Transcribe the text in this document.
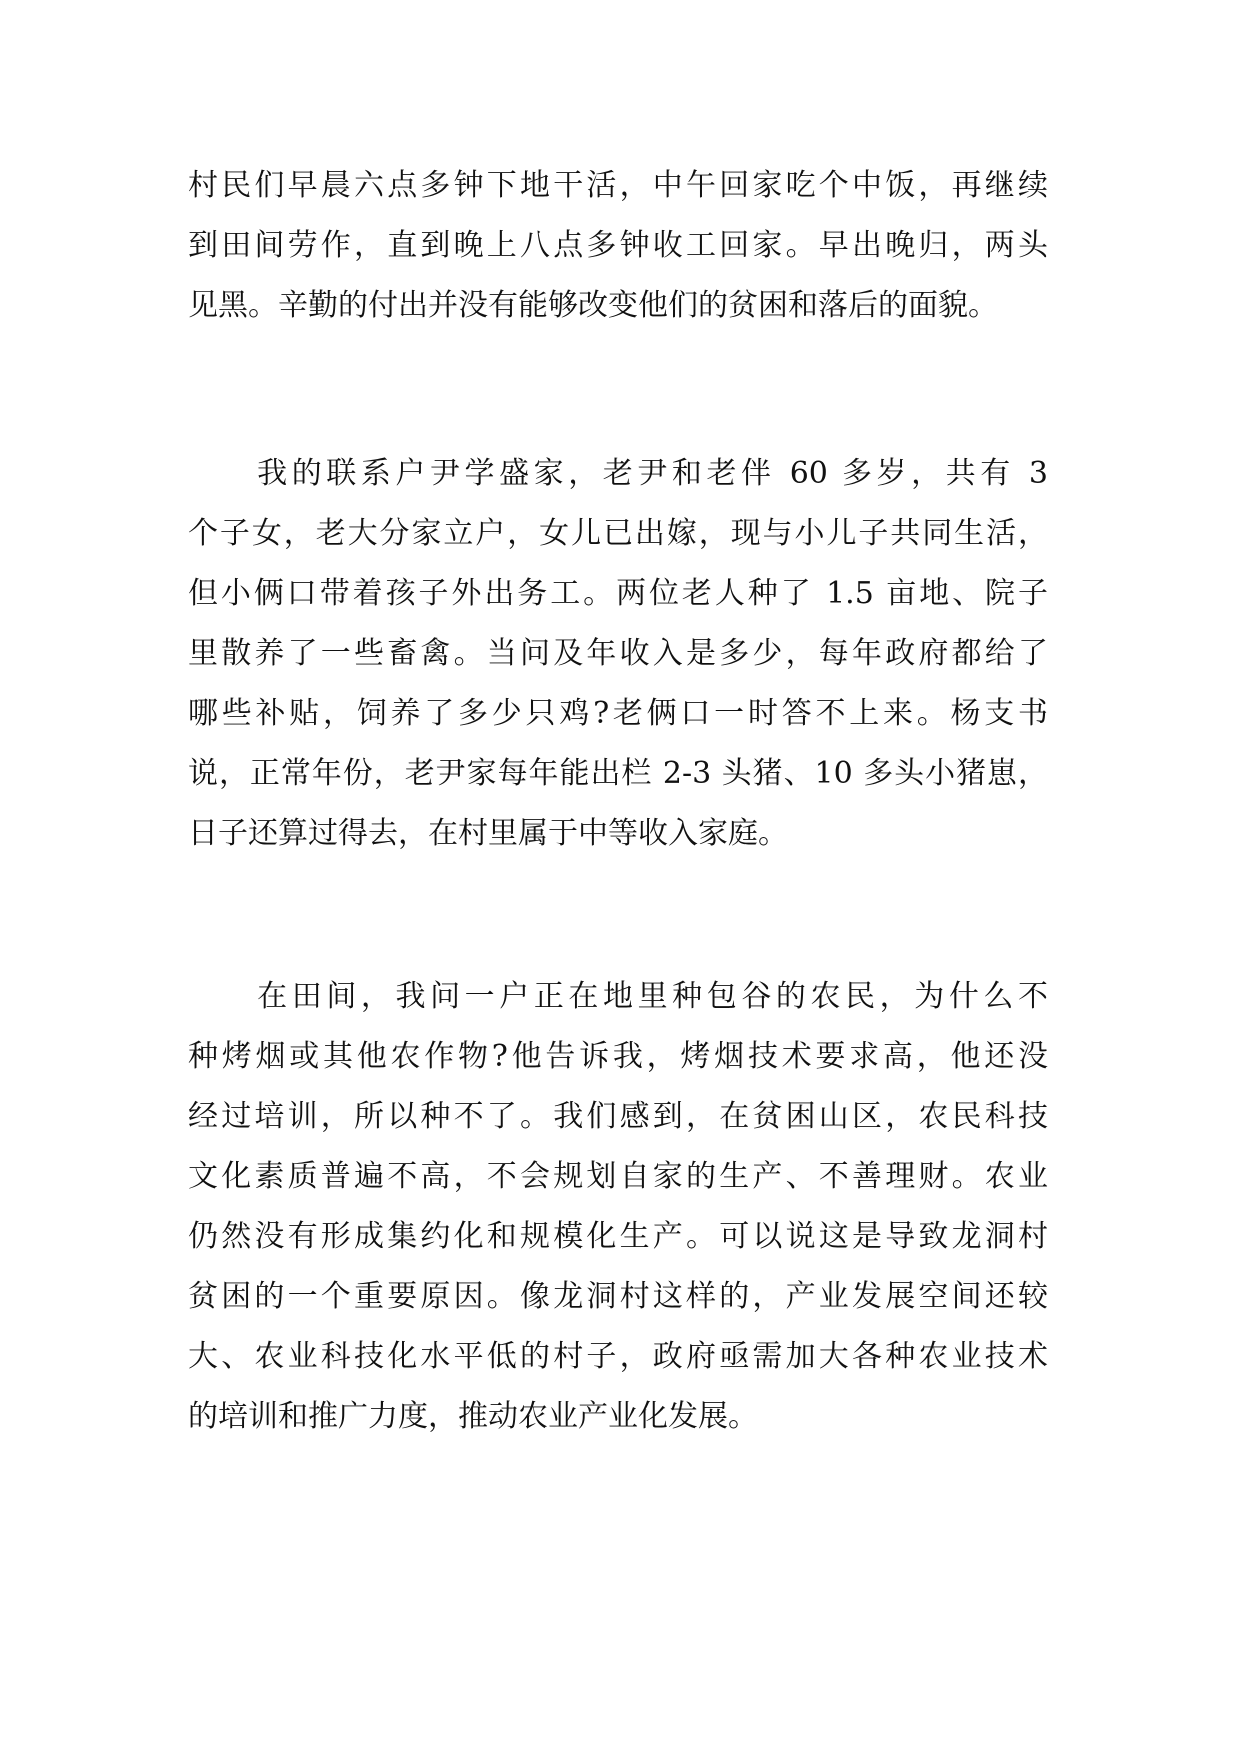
村民们早晨六点多钟下地干活，中午回家吃个中饭，再继续
到田间劳作，直到晚上八点多钟收工回家。早出晚归，两头
见黑。辛勤的付出并没有能够改变他们的贫困和落后的面貌。

　　我的联系户尹学盛家，老尹和老伴 60 多岁，共有 3
个子女，老大分家立户，女儿已出嫁，现与小儿子共同生活，
但小俩口带着孩子外出务工。两位老人种了 1.5 亩地、院子
里散养了一些畜禽。当问及年收入是多少，每年政府都给了
哪些补贴，饲养了多少只鸡?老俩口一时答不上来。杨支书
说，正常年份，老尹家每年能出栏 2-3 头猪、10 多头小猪崽，
日子还算过得去，在村里属于中等收入家庭。

　　在田间，我问一户正在地里种包谷的农民，为什么不
种烤烟或其他农作物?他告诉我，烤烟技术要求高，他还没
经过培训，所以种不了。我们感到，在贫困山区，农民科技
文化素质普遍不高，不会规划自家的生产、不善理财。农业
仍然没有形成集约化和规模化生产。可以说这是导致龙洞村
贫困的一个重要原因。像龙洞村这样的，产业发展空间还较
大、农业科技化水平低的村子，政府亟需加大各种农业技术
的培训和推广力度，推动农业产业化发展。
